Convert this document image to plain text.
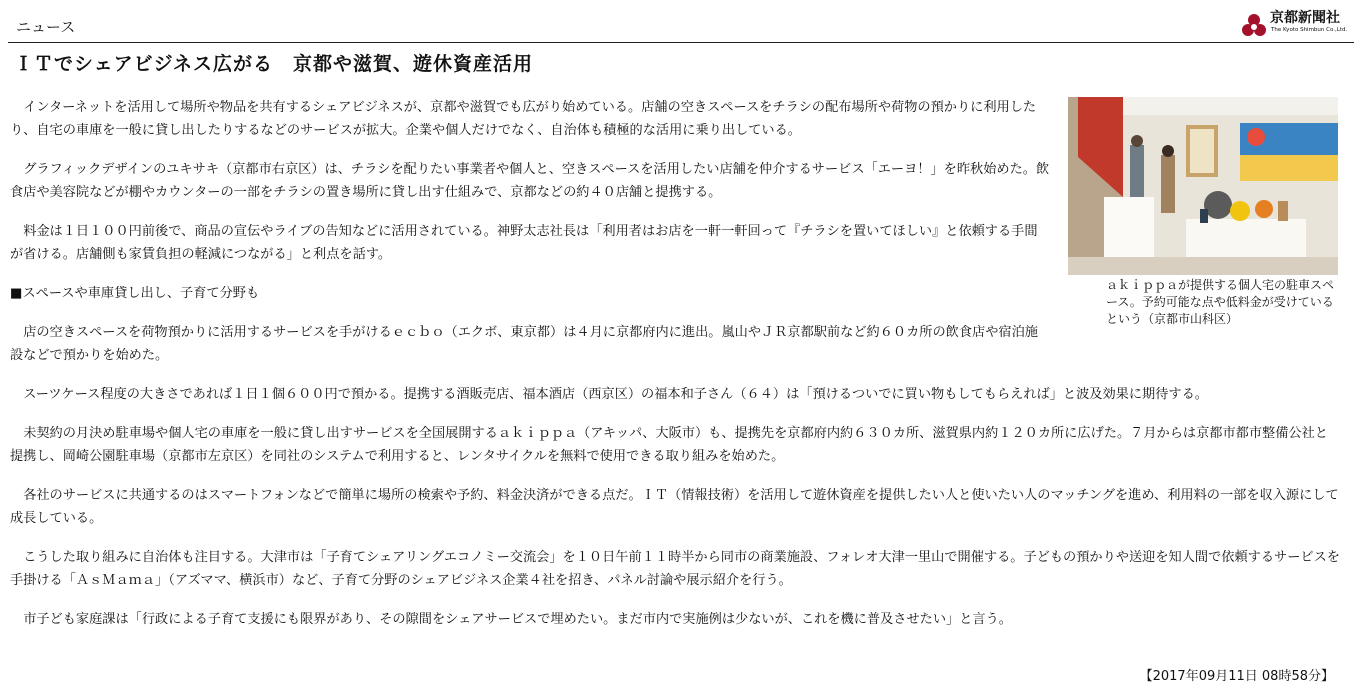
ニュース	京都新聞社
The Kyoto Shimbun Co.,Ltd.
ＩＴでシェアビジネス広がる　京都や滋賀、遊休資産活用
ａｋｉｐｐａが提供する個人宅の駐車スペース。予約可能な点や低料金が受けているという（京都市山科区）

インターネットを活用して場所や物品を共有するシェアビジネスが、京都や滋賀でも広がり始めている。店舗の空きスペースをチラシの配布場所や荷物の預かりに利用したり、自宅の車庫を一般に貸し出したりするなどのサービスが拡大。企業や個人だけでなく、自治体も積極的な活用に乗り出している。

グラフィックデザインのユキサキ（京都市右京区）は、チラシを配りたい事業者や個人と、空きスペースを活用したい店舗を仲介するサービス「エーヨ！」を昨秋始めた。飲食店や美容院などが棚やカウンターの一部をチラシの置き場所に貸し出す仕組みで、京都などの約４０店舗と提携する。

料金は１日１００円前後で、商品の宣伝やライブの告知などに活用されている。神野太志社長は「利用者はお店を一軒一軒回って『チラシを置いてほしい』と依頼する手間が省ける。店舗側も家賃負担の軽減につながる」と利点を話す。

■スペースや車庫貸し出し、子育て分野も

店の空きスペースを荷物預かりに活用するサービスを手がけるｅｃｂｏ（エクボ、東京都）は４月に京都府内に進出。嵐山やＪＲ京都駅前など約６０カ所の飲食店や宿泊施設などで預かりを始めた。

スーツケース程度の大きさであれば１日１個６００円で預かる。提携する酒販売店、福本酒店（西京区）の福本和子さん（６４）は「預けるついでに買い物もしてもらえれば」と波及効果に期待する。

未契約の月決め駐車場や個人宅の車庫を一般に貸し出すサービスを全国展開するａｋｉｐｐａ（アキッパ、大阪市）も、提携先を京都府内約６３０カ所、滋賀県内約１２０カ所に広げた。７月からは京都市都市整備公社と提携し、岡崎公園駐車場（京都市左京区）を同社のシステムで利用すると、レンタサイクルを無料で使用できる取り組みを始めた。

各社のサービスに共通するのはスマートフォンなどで簡単に場所の検索や予約、料金決済ができる点だ。ＩＴ（情報技術）を活用して遊休資産を提供したい人と使いたい人のマッチングを進め、利用料の一部を収入源にして成長している。

こうした取り組みに自治体も注目する。大津市は「子育てシェアリングエコノミー交流会」を１０日午前１１時半から同市の商業施設、フォレオ大津一里山で開催する。子どもの預かりや送迎を知人間で依頼するサービスを手掛ける「ＡｓＭａｍａ」（アズママ、横浜市）など、子育て分野のシェアビジネス企業４社を招き、パネル討論や展示紹介を行う。

市子ども家庭課は「行政による子育て支援にも限界があり、その隙間をシェアサービスで埋めたい。まだ市内で実施例は少ないが、これを機に普及させたい」と言う。

【2017年09月11日 08時58分】
